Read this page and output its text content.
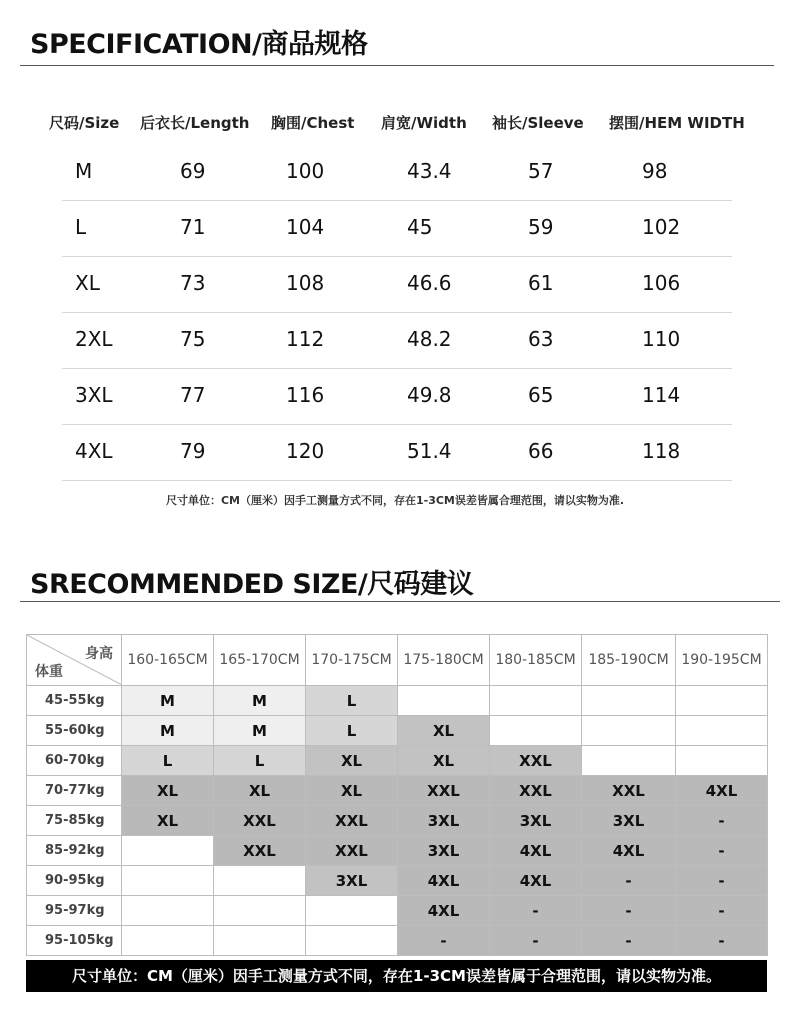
SPECIFICATION/商品规格
尺码/Size 后衣长/Length 胸围/Chest 肩宽/Width 袖长/Sleeve 摆围/HEM WIDTH
M	69	100	43.4	57	98
L	71	104	45	59	102
XL	73	108	46.6	61	106
2XL	75	112	48.2	63	110
3XL	77	116	49.8	65	114
4XL	79	120	51.4	66	118
尺寸单位：CM（厘米）因手工测量方式不同，存在1-3CM误差皆属合理范围，请以实物为准.
SRECOMMENDED SIZE/尺码建议
身高
体重	160-165CM	165-170CM	170-175CM	175-180CM	180-185CM	185-190CM	190-195CM
45-55kg	M	M	L				
55-60kg	M	M	L	XL			
60-70kg	L	L	XL	XL	XXL		
70-77kg	XL	XL	XL	XXL	XXL	XXL	4XL
75-85kg	XL	XXL	XXL	3XL	3XL	3XL	-
85-92kg		XXL	XXL	3XL	4XL	4XL	-
90-95kg			3XL	4XL	4XL	-	-
95-97kg				4XL	-	-	-
95-105kg				-	-	-	-
尺寸单位：CM（厘米）因手工测量方式不同，存在1-3CM误差皆属于合理范围，请以实物为准。
